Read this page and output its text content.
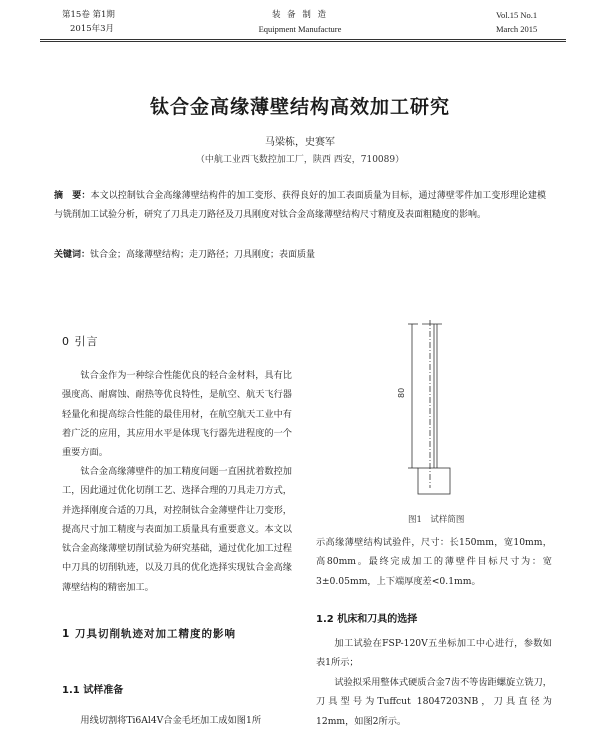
第15卷 第1期
2015年3月
装 备 制 造
Equipment Manufacture
Vol.15 No.1
March 2015
钛合金高缘薄壁结构高效加工研究
马梁栋，史赛军
（中航工业西飞数控加工厂，陕西 西安，710089）
摘　要：本文以控制钛合金高缘薄壁结构件的加工变形、获得良好的加工表面质量为目标，通过薄壁零件加工变形理论建模与铣削加工试验分析，研究了刀具走刀路径及刀具刚度对钛合金高缘薄壁结构尺寸精度及表面粗糙度的影响。
关键词：钛合金；高缘薄壁结构；走刀路径；刀具刚度；表面质量
0 引言
钛合金作为一种综合性能优良的轻合金材料，具有比强度高、耐腐蚀、耐热等优良特性，是航空、航天飞行器轻量化和提高综合性能的最佳用材，在航空航天工业中有着广泛的应用，其应用水平是体现飞行器先进程度的一个重要方面。
钛合金高缘薄壁件的加工精度问题一直困扰着数控加工，因此通过优化切削工艺、选择合理的刀具走刀方式，并选择刚度合适的刀具，对控制钛合金薄壁件让刀变形，提高尺寸加工精度与表面加工质量具有重要意义。本文以钛合金高缘薄壁切削试验为研究基础，通过优化加工过程中刀具的切削轨迹，以及刀具的优化选择实现钛合金高缘薄壁结构的精密加工。
1 刀具切削轨迹对加工精度的影响
1.1 试样准备
用线切割将Ti6Al4V合金毛坯加工成如图1所
80
图1　试样简图
示高缘薄壁结构试验件，尺寸：长150mm，宽10mm，高80mm。最终完成加工的薄壁件目标尺寸为：宽3±0.05mm，上下端厚度差<0.1mm。
1.2 机床和刀具的选择
加工试验在FSP-120V五坐标加工中心进行，参数如表1所示；
试验拟采用整体式硬质合金7齿不等齿距螺旋立铣刀，刀具型号为Tuffcut 18047203NB，刀具直径为12mm，如图2所示。
